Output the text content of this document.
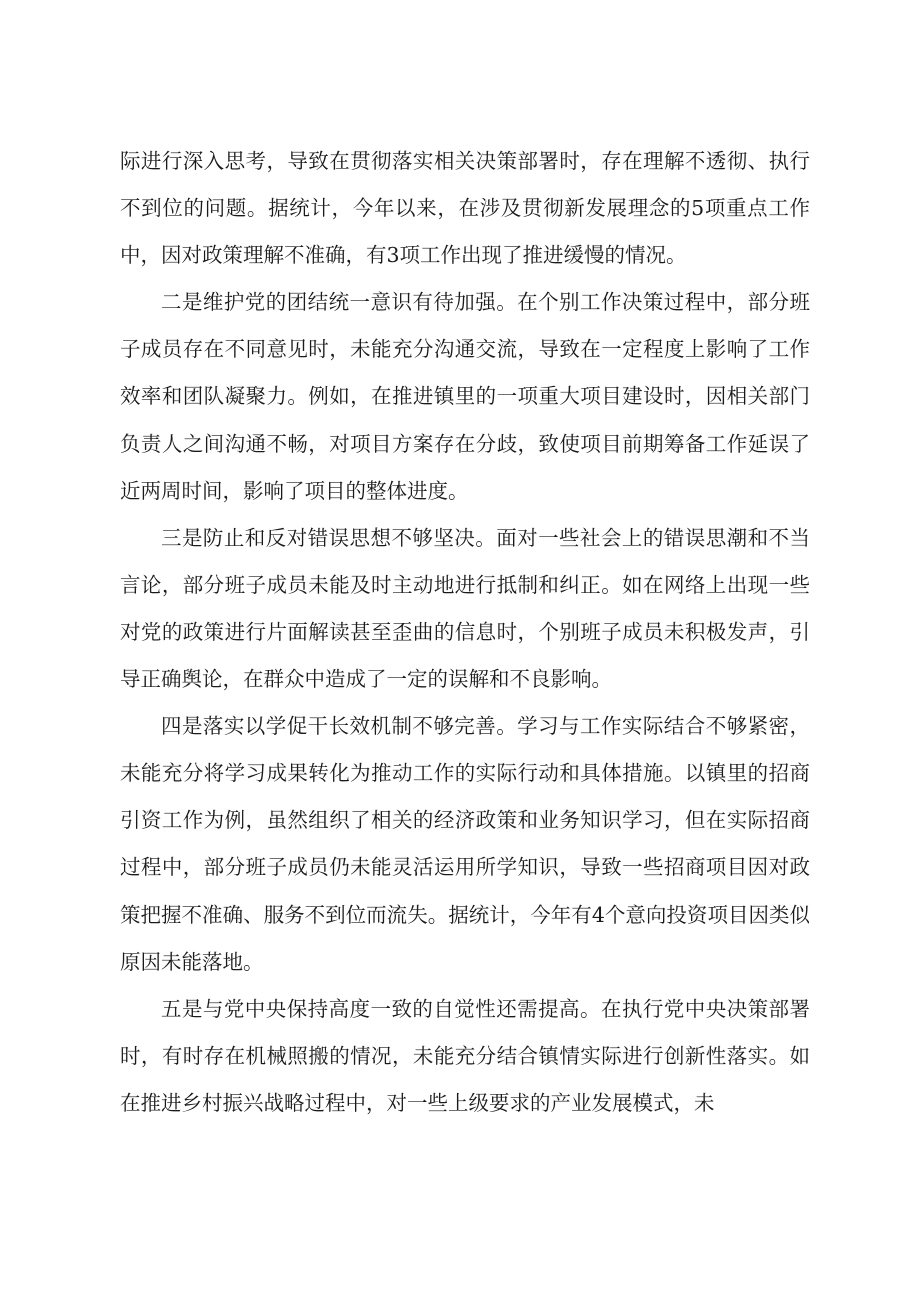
际进行深入思考，导致在贯彻落实相关决策部署时，存在理解不透彻、执行不到位的问题。据统计，今年以来，在涉及贯彻新发展理念的5项重点工作中，因对政策理解不准确，有3项工作出现了推进缓慢的情况。

二是维护党的团结统一意识有待加强。在个别工作决策过程中，部分班子成员存在不同意见时，未能充分沟通交流，导致在一定程度上影响了工作效率和团队凝聚力。例如，在推进镇里的一项重大项目建设时，因相关部门负责人之间沟通不畅，对项目方案存在分歧，致使项目前期筹备工作延误了近两周时间，影响了项目的整体进度。

三是防止和反对错误思想不够坚决。面对一些社会上的错误思潮和不当言论，部分班子成员未能及时主动地进行抵制和纠正。如在网络上出现一些对党的政策进行片面解读甚至歪曲的信息时，个别班子成员未积极发声，引导正确舆论，在群众中造成了一定的误解和不良影响。

四是落实以学促干长效机制不够完善。学习与工作实际结合不够紧密，未能充分将学习成果转化为推动工作的实际行动和具体措施。以镇里的招商引资工作为例，虽然组织了相关的经济政策和业务知识学习，但在实际招商过程中，部分班子成员仍未能灵活运用所学知识，导致一些招商项目因对政策把握不准确、服务不到位而流失。据统计，今年有4个意向投资项目因类似原因未能落地。

五是与党中央保持高度一致的自觉性还需提高。在执行党中央决策部署时，有时存在机械照搬的情况，未能充分结合镇情实际进行创新性落实。如在推进乡村振兴战略过程中，对一些上级要求的产业发展模式，未
